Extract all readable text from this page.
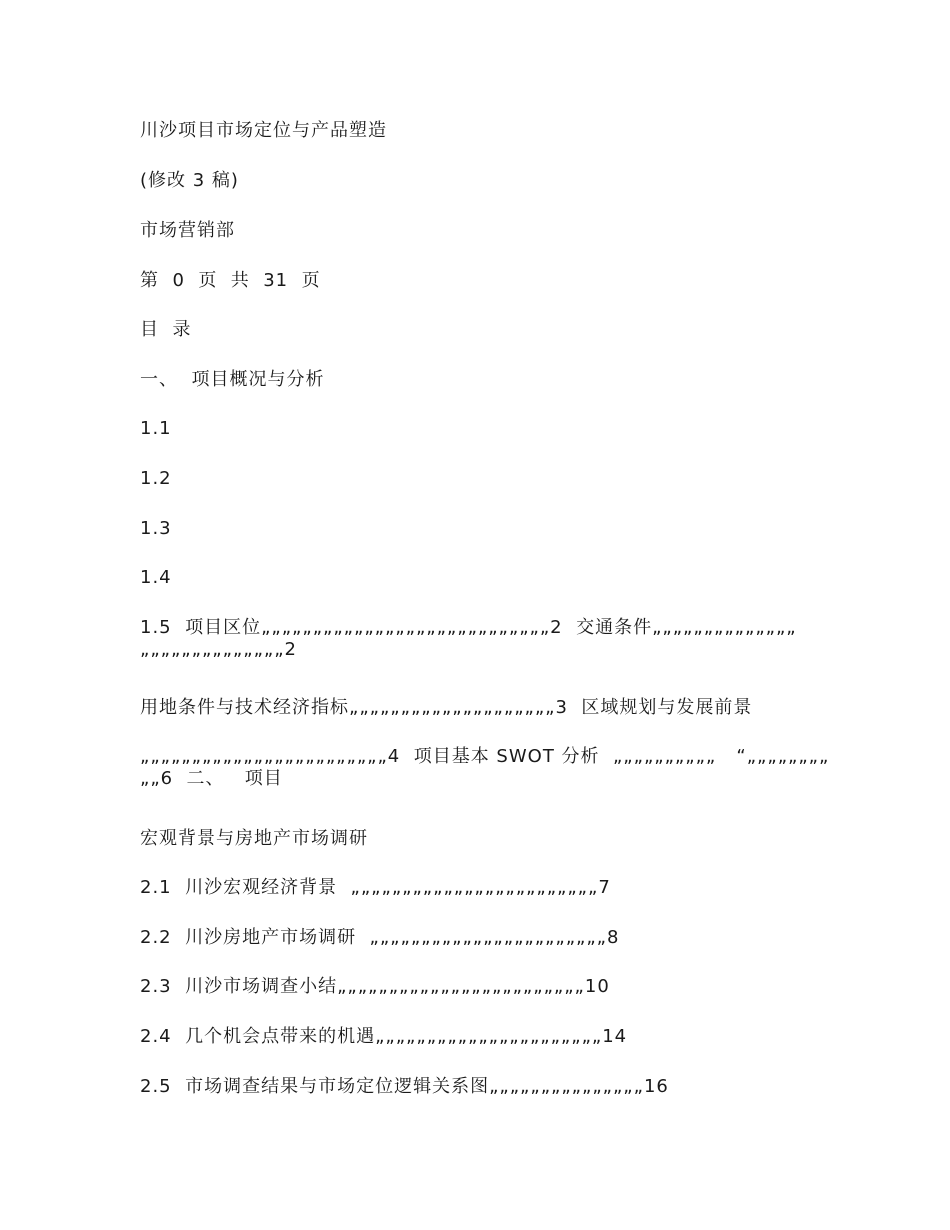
川沙项目市场定位与产品塑造
(修改 3 稿)
市场营销部
第  0  页  共  31  页
目  录
一、  项目概况与分析
1.1
1.2
1.3
1.4
1.5  项目区位„„„„„„„„„„„„„„„„„„„„„„„„„„„„2  交通条件„„„„„„„„„„„„„„
„„„„„„„„„„„„„„2
用地条件与技术经济指标„„„„„„„„„„„„„„„„„„„„3  区域规划与发展前景
„„„„„„„„„„„„„„„„„„„„„„„„4  项目基本 SWOT 分析  „„„„„„„„„„   “„„„„„„„„
„„6  二、   项目
宏观背景与房地产市场调研
2.1  川沙宏观经济背景  „„„„„„„„„„„„„„„„„„„„„„„„7
2.2  川沙房地产市场调研  „„„„„„„„„„„„„„„„„„„„„„„8
2.3  川沙市场调查小结„„„„„„„„„„„„„„„„„„„„„„„„10
2.4  几个机会点带来的机遇„„„„„„„„„„„„„„„„„„„„„„14
2.5  市场调查结果与市场定位逻辑关系图„„„„„„„„„„„„„„„16
